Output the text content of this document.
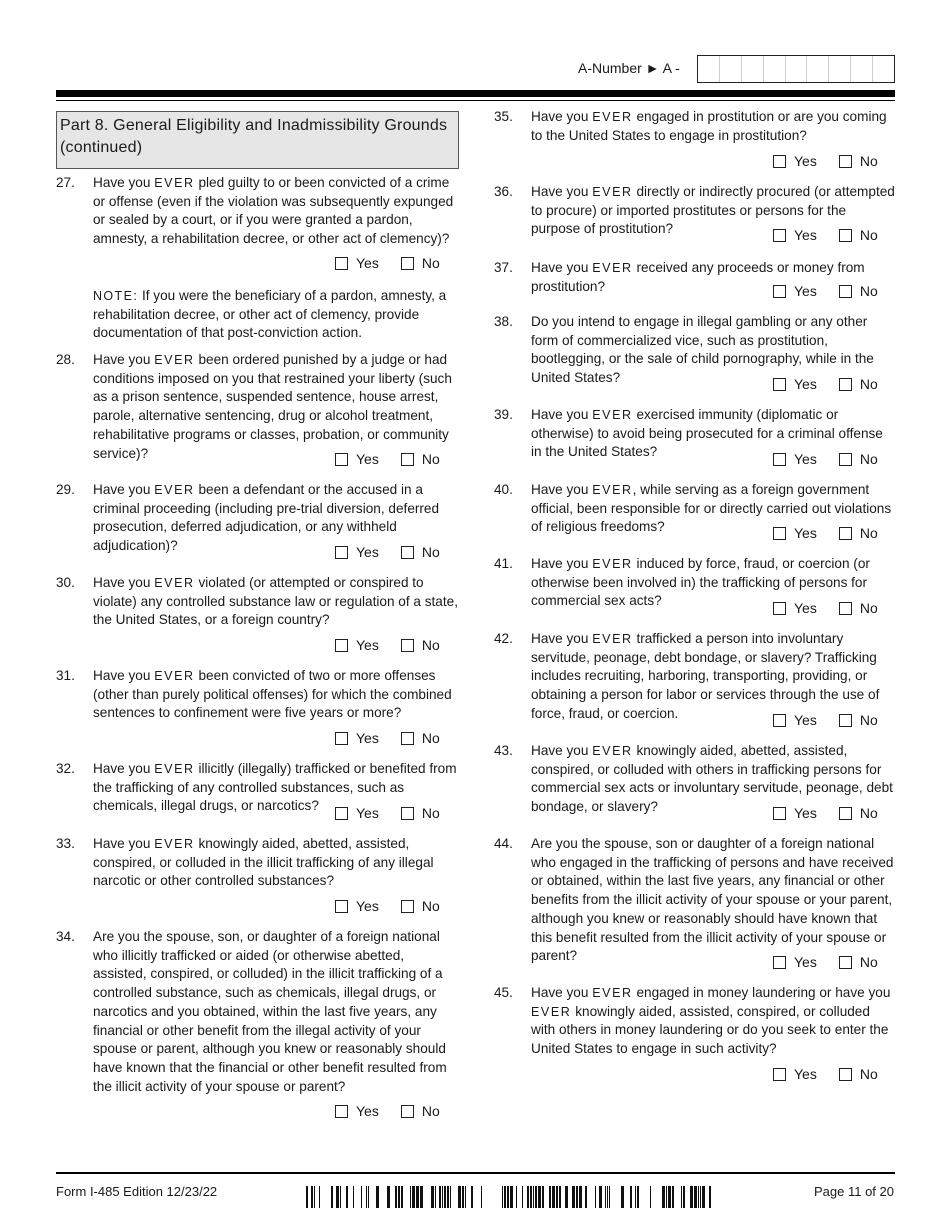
A-Number ► A -
Part 8. General Eligibility and Inadmissibility Grounds (continued)
27. Have you EVER pled guilty to or been convicted of a crime or offense (even if the violation was subsequently expunged or sealed by a court, or if you were granted a pardon, amnesty, a rehabilitation decree, or other act of clemency)?
Yes	No
NOTE: If you were the beneficiary of a pardon, amnesty, a rehabilitation decree, or other act of clemency, provide documentation of that post-conviction action.
28. Have you EVER been ordered punished by a judge or had conditions imposed on you that restrained your liberty (such as a prison sentence, suspended sentence, house arrest, parole, alternative sentencing, drug or alcohol treatment, rehabilitative programs or classes, probation, or community service)?	Yes	No
29. Have you EVER been a defendant or the accused in a criminal proceeding (including pre-trial diversion, deferred prosecution, deferred adjudication, or any withheld adjudication)?	Yes	No
30. Have you EVER violated (or attempted or conspired to violate) any controlled substance law or regulation of a state, the United States, or a foreign country?
Yes	No
31. Have you EVER been convicted of two or more offenses (other than purely political offenses) for which the combined sentences to confinement were five years or more?
Yes	No
32. Have you EVER illicitly (illegally) trafficked or benefited from the trafficking of any controlled substances, such as chemicals, illegal drugs, or narcotics?	Yes	No
33. Have you EVER knowingly aided, abetted, assisted, conspired, or colluded in the illicit trafficking of any illegal narcotic or other controlled substances?
Yes	No
34. Are you the spouse, son, or daughter of a foreign national who illicitly trafficked or aided (or otherwise abetted, assisted, conspired, or colluded) in the illicit trafficking of a controlled substance, such as chemicals, illegal drugs, or narcotics and you obtained, within the last five years, any financial or other benefit from the illegal activity of your spouse or parent, although you knew or reasonably should have known that the financial or other benefit resulted from the illicit activity of your spouse or parent?
Yes	No
35. Have you EVER engaged in prostitution or are you coming to the United States to engage in prostitution?
Yes	No
36. Have you EVER directly or indirectly procured (or attempted to procure) or imported prostitutes or persons for the purpose of prostitution?	Yes	No
37. Have you EVER received any proceeds or money from prostitution?	Yes	No
38. Do you intend to engage in illegal gambling or any other form of commercialized vice, such as prostitution, bootlegging, or the sale of child pornography, while in the United States?	Yes	No
39. Have you EVER exercised immunity (diplomatic or otherwise) to avoid being prosecuted for a criminal offense in the United States?	Yes	No
40. Have you EVER, while serving as a foreign government official, been responsible for or directly carried out violations of religious freedoms?	Yes	No
41. Have you EVER induced by force, fraud, or coercion (or otherwise been involved in) the trafficking of persons for commercial sex acts?	Yes	No
42. Have you EVER trafficked a person into involuntary servitude, peonage, debt bondage, or slavery? Trafficking includes recruiting, harboring, transporting, providing, or obtaining a person for labor or services through the use of force, fraud, or coercion.	Yes	No
43. Have you EVER knowingly aided, abetted, assisted, conspired, or colluded with others in trafficking persons for commercial sex acts or involuntary servitude, peonage, debt bondage, or slavery?	Yes	No
44. Are you the spouse, son or daughter of a foreign national who engaged in the trafficking of persons and have received or obtained, within the last five years, any financial or other benefits from the illicit activity of your spouse or your parent, although you knew or reasonably should have known that this benefit resulted from the illicit activity of your spouse or parent?	Yes	No
45. Have you EVER engaged in money laundering or have you EVER knowingly aided, assisted, conspired, or colluded with others in money laundering or do you seek to enter the United States to engage in such activity?
Yes	No
Form I-485 Edition 12/23/22	Page 11 of 20
